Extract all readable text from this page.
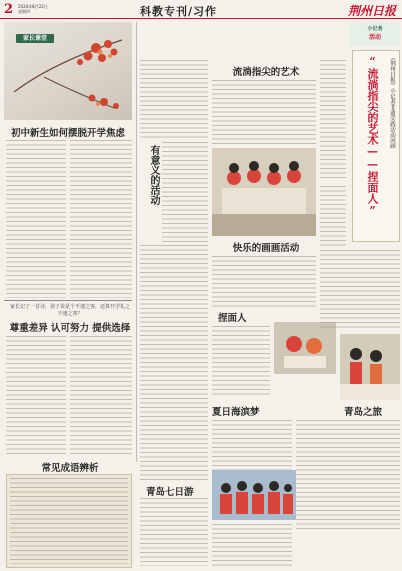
2 2024年8月22日
星期四	科教专刊/习作	荆州日报
家长课堂
初中新生如何摆脱开学焦虑
家长记了一首诗，孩子说是个不速之客，还算开学礼之不速之客？
尊重差异 认可努力 提供选择
常见成语辨析
有意义的活动
流淌指尖的艺术
快乐的画画活动
捏面人
夏日海滨梦	青岛之旅
青岛七日游
小记者
活动
《荆州日报》小记者非遗实践活动回顾
“流淌指尖的艺术——捏面人”
